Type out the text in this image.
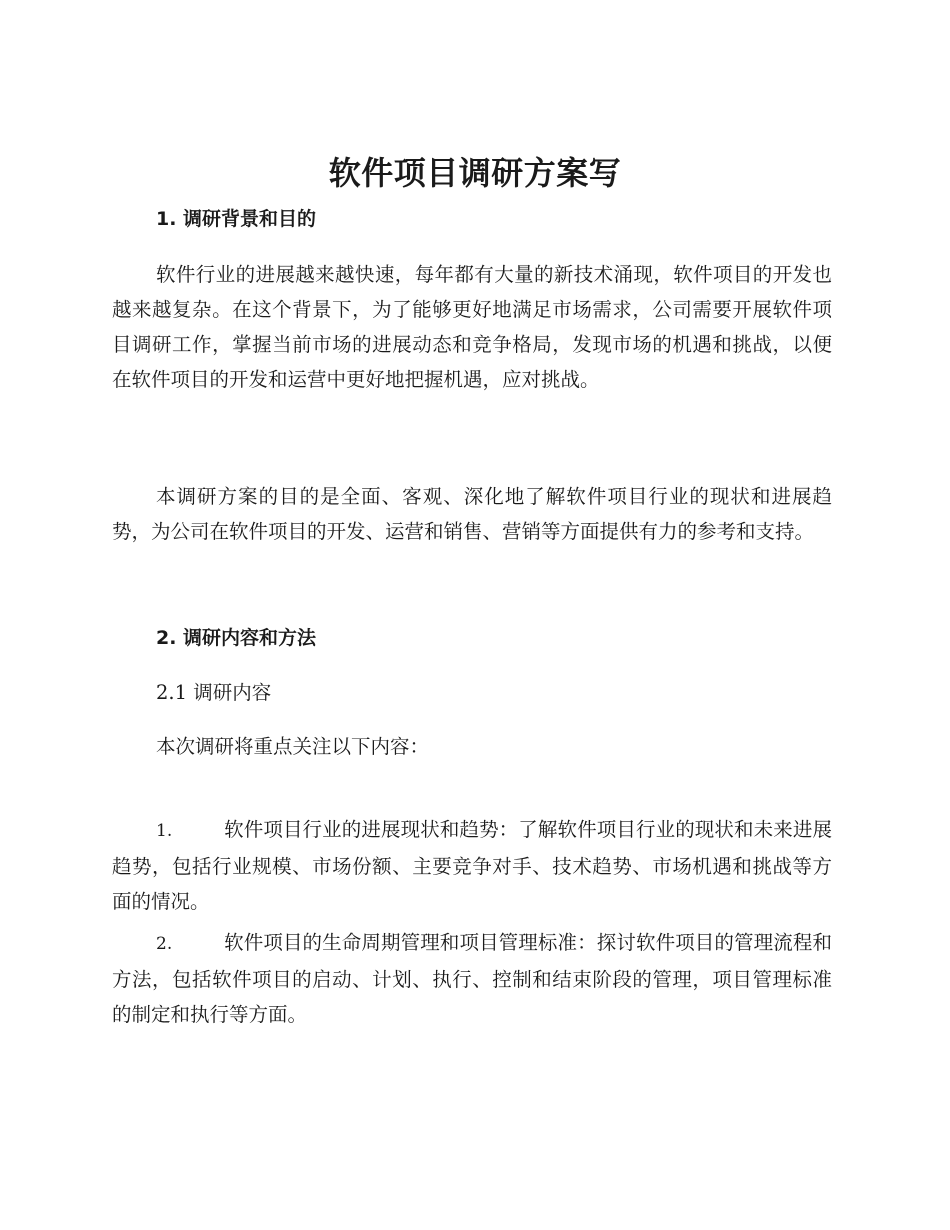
软件项目调研方案写
1. 调研背景和目的

软件行业的进展越来越快速，每年都有大量的新技术涌现，软件项目的开发也越来越复杂。在这个背景下，为了能够更好地满足市场需求，公司需要开展软件项目调研工作，掌握当前市场的进展动态和竞争格局，发现市场的机遇和挑战，以便在软件项目的开发和运营中更好地把握机遇，应对挑战。

本调研方案的目的是全面、客观、深化地了解软件项目行业的现状和进展趋势，为公司在软件项目的开发、运营和销售、营销等方面提供有力的参考和支持。

2. 调研内容和方法
2.1 调研内容
本次调研将重点关注以下内容：

1.	软件项目行业的进展现状和趋势：了解软件项目行业的现状和未来进展趋势，包括行业规模、市场份额、主要竞争对手、技术趋势、市场机遇和挑战等方面的情况。

2.	软件项目的生命周期管理和项目管理标准：探讨软件项目的管理流程和方法，包括软件项目的启动、计划、执行、控制和结束阶段的管理，项目管理标准的制定和执行等方面。
